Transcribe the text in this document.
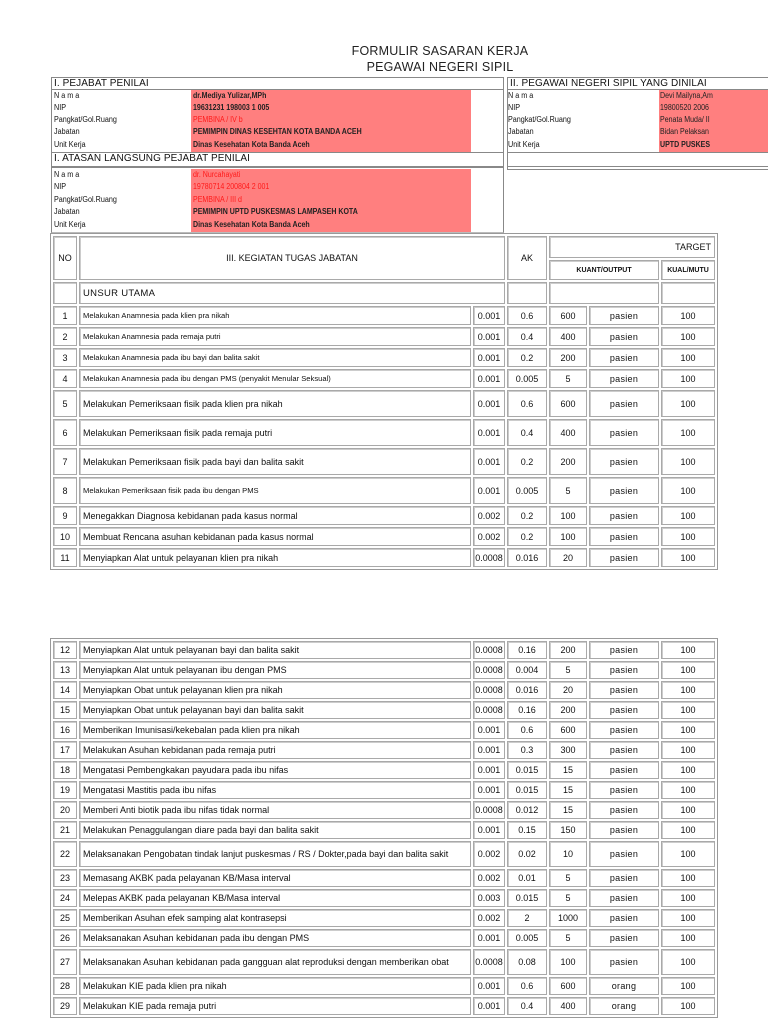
FORMULIR SASARAN KERJA
PEGAWAI NEGERI SIPIL
I. PEJABAT PENILAI	II. PEGAWAI NEGERI SIPIL YANG DINILAI
N a m a	dr.Mediya Yulizar,MPh
NIP	19631231 198003 1 005
Pangkat/Gol.Ruang	PEMBINA / IV b
Jabatan	PEMIMPIN DINAS KESEHTAN KOTA BANDA ACEH
Unit Kerja	Dinas Kesehatan Kota Banda Aceh
N a m a	Devi Mailyna,Am
NIP	19800520 2006
Pangkat/Gol.Ruang	Penata Muda/ II
Jabatan	Bidan Pelaksan
Unit Kerja	UPTD PUSKES
I. ATASAN LANGSUNG PEJABAT PENILAI
N a m a	dr. Nurcahayati
NIP	19780714 200804 2 001
Pangkat/Gol.Ruang	PEMBINA / III d
Jabatan	PEMIMPIN UPTD PUSKESMAS LAMPASEH KOTA
Unit Kerja	Dinas Kesehatan Kota Banda Aceh
NO	III. KEGIATAN TUGAS JABATAN		AK	TARGET		
				KUANT/OUTPUT		KUAL/MUTU
	UNSUR UTAMA					
1	Melakukan Anamnesia pada klien pra nikah	0.001	0.6	600	pasien	100
2	Melakukan Anamnesia pada remaja putri	0.001	0.4	400	pasien	100
3	Melakukan Anamnesia pada ibu bayi dan balita sakit	0.001	0.2	200	pasien	100
4	Melakukan Anamnesia pada ibu dengan PMS (penyakit Menular Seksual)	0.001	0.005	5	pasien	100
5	Melakukan Pemeriksaan fisik pada klien pra nikah	0.001	0.6	600	pasien	100
6	Melakukan Pemeriksaan fisik pada remaja putri	0.001	0.4	400	pasien	100
7	Melakukan Pemeriksaan fisik pada bayi dan balita sakit	0.001	0.2	200	pasien	100
8	Melakukan Pemeriksaan fisik pada ibu dengan PMS	0.001	0.005	5	pasien	100
9	Menegakkan Diagnosa kebidanan pada kasus normal	0.002	0.2	100	pasien	100
10	Membuat Rencana asuhan kebidanan pada kasus normal	0.002	0.2	100	pasien	100
11	Menyiapkan Alat untuk pelayanan klien pra nikah	0.0008	0.016	20	pasien	100
12	Menyiapkan Alat untuk pelayanan bayi dan balita sakit	0.0008	0.16	200	pasien	100
13	Menyiapkan Alat untuk pelayanan ibu dengan PMS	0.0008	0.004	5	pasien	100
14	Menyiapkan Obat untuk pelayanan klien pra nikah	0.0008	0.016	20	pasien	100
15	Menyiapkan Obat untuk pelayanan bayi dan balita sakit	0.0008	0.16	200	pasien	100
16	Memberikan Imunisasi/kekebalan pada klien pra nikah	0.001	0.6	600	pasien	100
17	Melakukan Asuhan kebidanan pada remaja putri	0.001	0.3	300	pasien	100
18	Mengatasi Pembengkakan payudara pada ibu nifas	0.001	0.015	15	pasien	100
19	Mengatasi Mastitis pada ibu nifas	0.001	0.015	15	pasien	100
20	Memberi Anti biotik pada ibu nifas tidak normal	0.0008	0.012	15	pasien	100
21	Melakukan Penaggulangan diare pada bayi dan balita sakit	0.001	0.15	150	pasien	100
22	Melaksanakan Pengobatan tindak lanjut puskesmas / RS / Dokter,pada bayi dan balita sakit	0.002	0.02	10	pasien	100
23	Memasang AKBK pada pelayanan KB/Masa interval	0.002	0.01	5	pasien	100
24	Melepas AKBK pada pelayanan KB/Masa interval	0.003	0.015	5	pasien	100
25	Memberikan Asuhan efek samping alat kontrasepsi	0.002	2	1000	pasien	100
26	Melaksanakan Asuhan kebidanan pada ibu dengan PMS	0.001	0.005	5	pasien	100
27	Melaksanakan Asuhan kebidanan pada gangguan alat reproduksi dengan memberikan obat	0.0008	0.08	100	pasien	100
28	Melakukan KIE pada klien pra nikah	0.001	0.6	600	orang	100
29	Melakukan KIE pada remaja putri	0.001	0.4	400	orang	100
